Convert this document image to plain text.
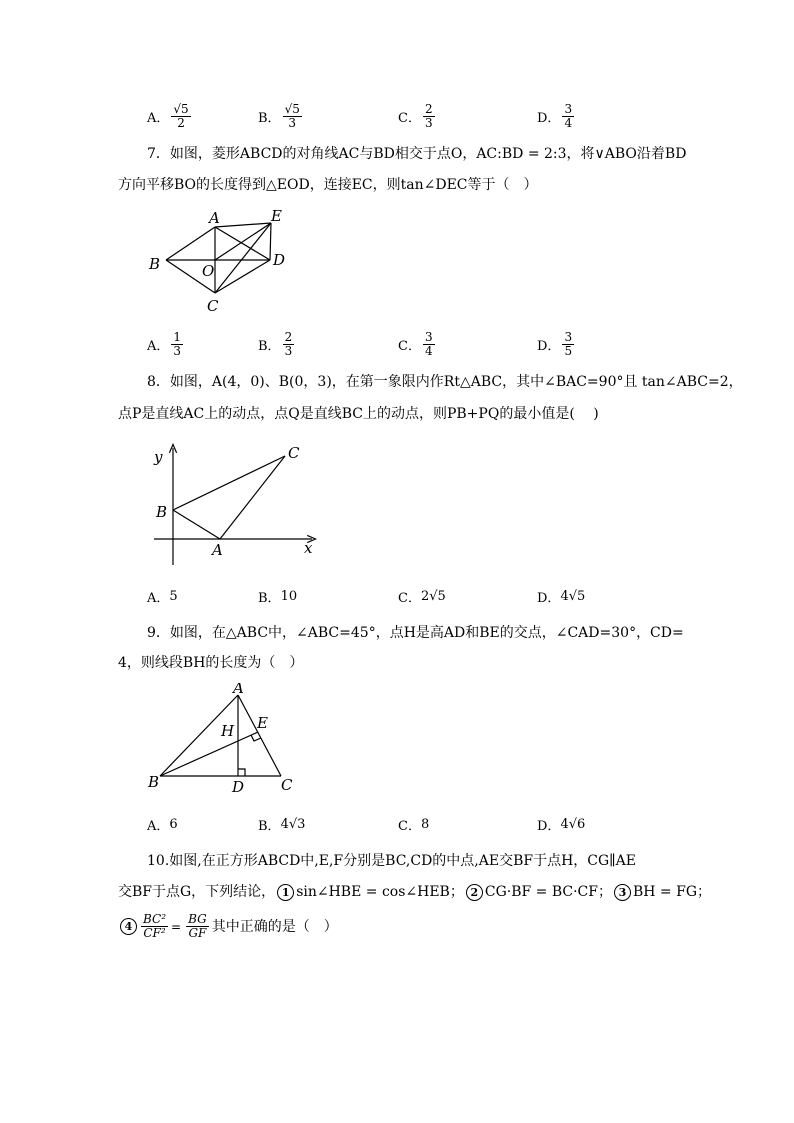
A． $\frac{√5}{2}$	B． $\frac{√5}{3}$	C． $\frac{2}{3}$	D． $\frac{3}{4}$
7．如图，菱形ABCD的对角线AC与BD相交于点O，AC:BD = 2:3，将∨ABO沿着BD
方向平移BO的长度得到△EOD，连接EC，则tan∠DEC等于（　）
A	E
B	O
D
C
A． $\frac{1}{3}$	B． $\frac{2}{3}$	C． $\frac{3}{4}$	D． $\frac{3}{5}$
8．如图，A(4，0)、B(0，3)，在第一象限内作Rt△ABC，其中∠BAC=90°且 tan∠ABC=2，
点P是直线AC上的动点，点Q是直线BC上的动点，则PB+PQ的最小值是(　 )
y
x
B
A
C
A． 5	B． 10	C． 2√5	D． 4√5
9．如图，在△ABC中，∠ABC=45°，点H是高AD和BE的交点，∠CAD=30°，CD=
4，则线段BH的长度为（　）
A
H E
B	D C
A． 6	B． 4√3	C． 8	D． 4√6
10.如图,在正方形ABCD中,E,F分别是BC,CD的中点,AE交BF于点H，CG∥AE
交BF于点G，下列结论， 1 sin∠HBE = cos∠HEB； 2 CG·BF = BC·CF； 3 BH = FG；
$4 \frac{\text{BC²}}{\text{CF²}} = \frac{BG}{GF}$ 其中正确的是（　）
